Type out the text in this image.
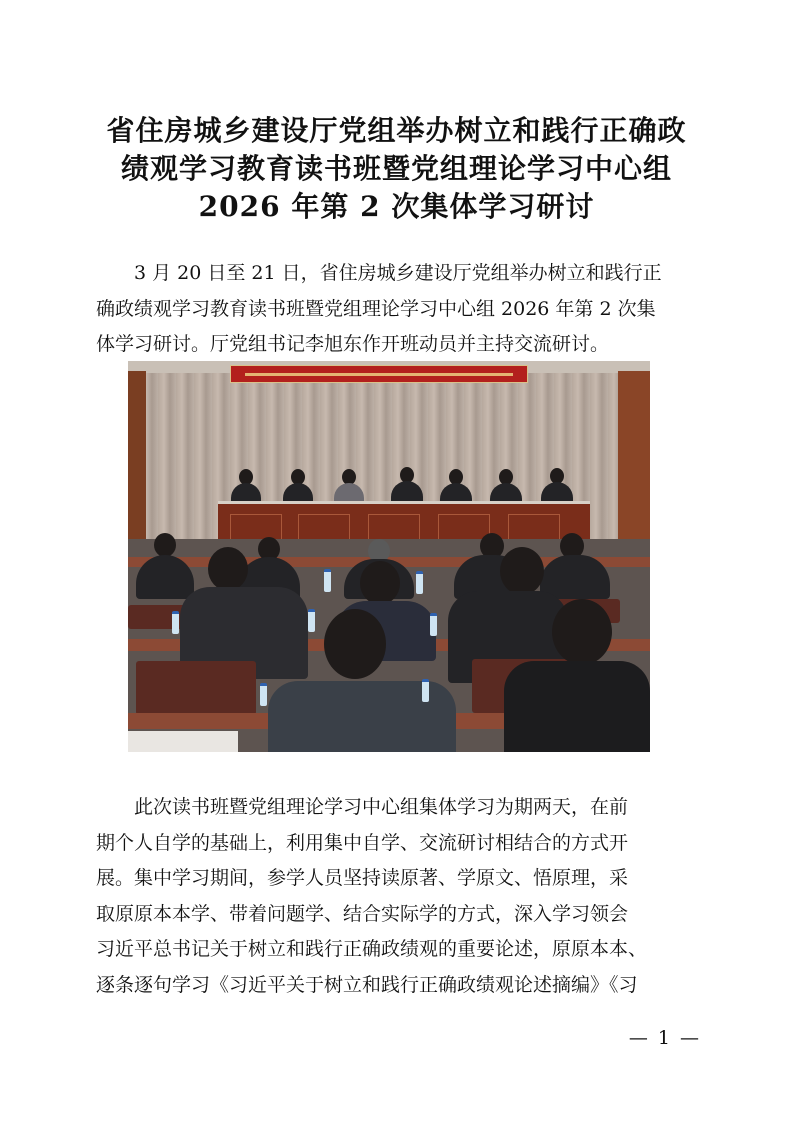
省住房城乡建设厅党组举办树立和践行正确政
绩观学习教育读书班暨党组理论学习中心组
2026 年第 2 次集体学习研讨
3 月 20 日至 21 日，省住房城乡建设厅党组举办树立和践行正
确政绩观学习教育读书班暨党组理论学习中心组 2026 年第 2 次集
体学习研讨。厅党组书记李旭东作开班动员并主持交流研讨。
此次读书班暨党组理论学习中心组集体学习为期两天，在前
期个人自学的基础上，利用集中自学、交流研讨相结合的方式开
展。集中学习期间，参学人员坚持读原著、学原文、悟原理，采
取原原本本学、带着问题学、结合实际学的方式，深入学习领会
习近平总书记关于树立和践行正确政绩观的重要论述，原原本本、
逐条逐句学习《习近平关于树立和践行正确政绩观论述摘编》《习
— 1 —
